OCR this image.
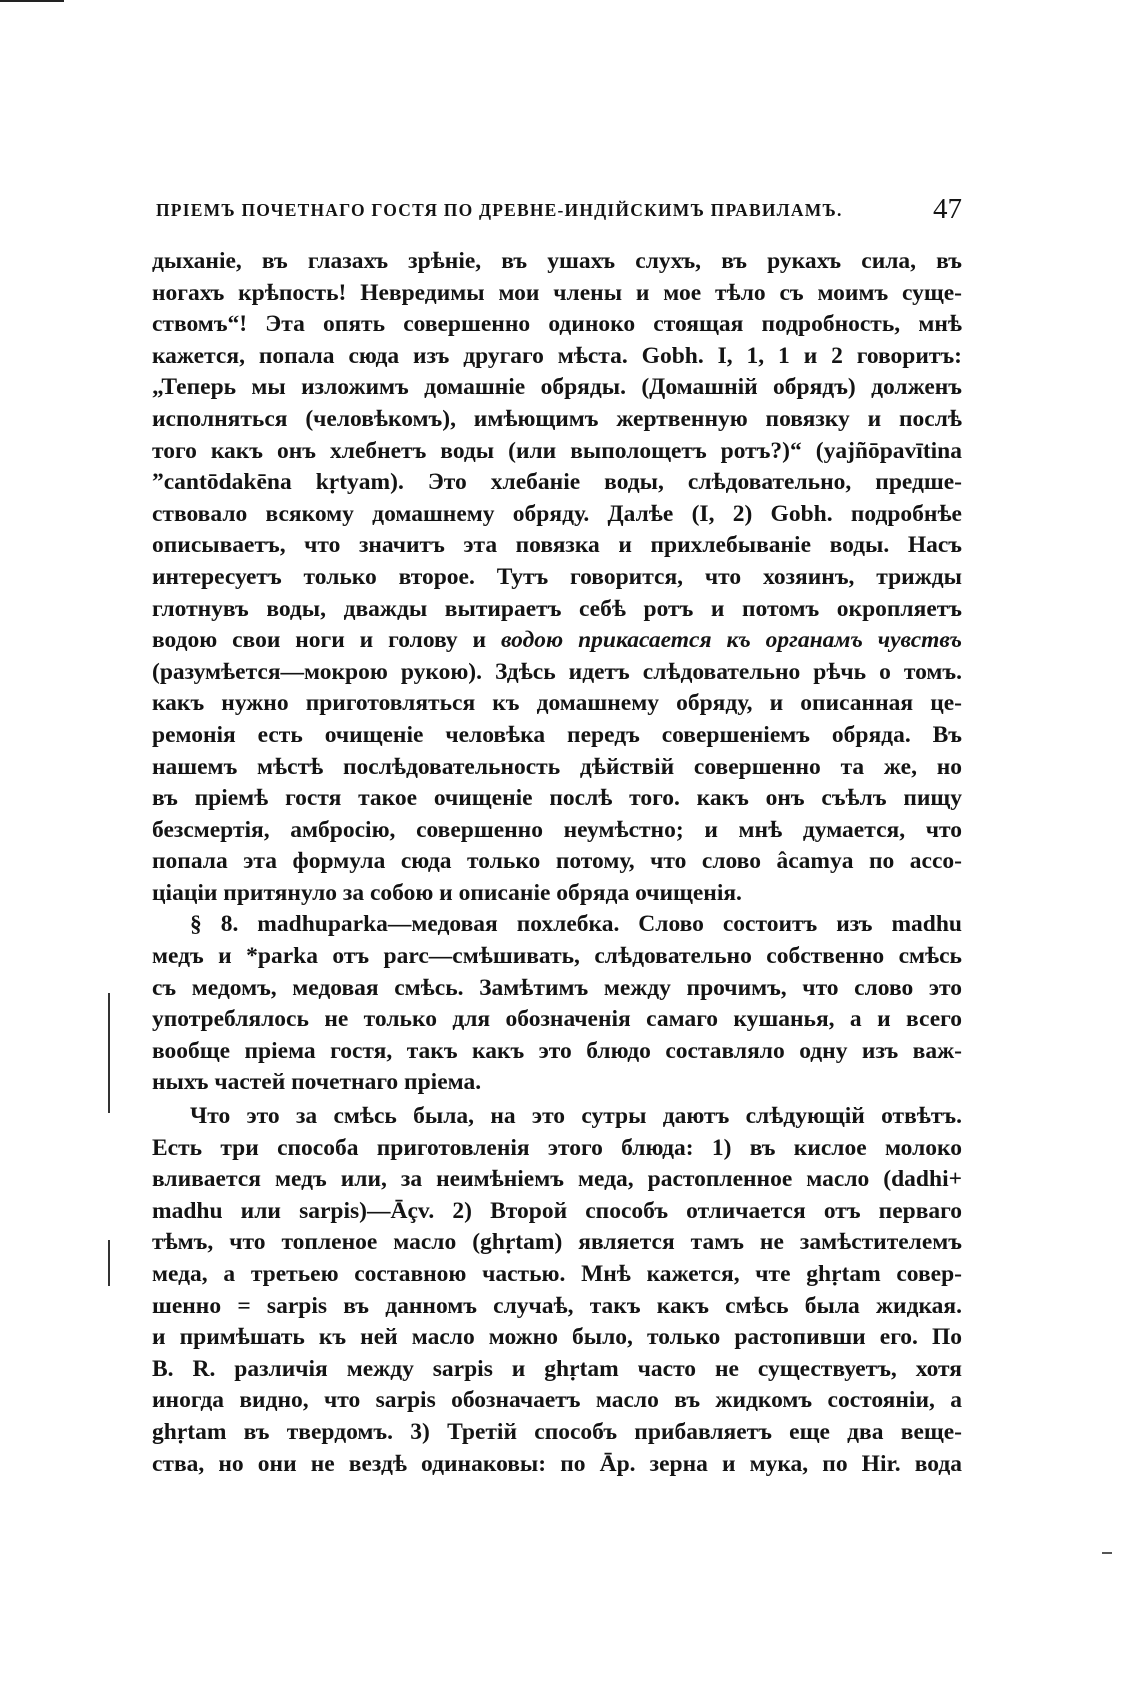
ПРІЕМЪ ПОЧЕТНАГО ГОСТЯ ПО ДРЕВНЕ-ИНДІЙСКИМЪ ПРАВИЛАМЪ.	47
дыханіе, въ глазахъ зрѣніе, въ ушахъ слухъ, въ рукахъ сила, въ
ногахъ крѣпость! Невредимы мои члены и мое тѣло съ моимъ суще-
ствомъ“! Эта опять совершенно одиноко стоящая подробность, мнѣ
кажется, попала сюда изъ другаго мѣста. Gobh. I, 1, 1 и 2 говоритъ:
„Теперь мы изложимъ домашніе обряды. (Домашній обрядъ) долженъ
исполняться (человѣкомъ), имѣющимъ жертвенную повязку и послѣ
того какъ онъ хлебнетъ воды (или выполощетъ ротъ?)“ (yajñōpavītina
”cantōdakēna kṛtyam). Это хлебаніе воды, слѣдовательно, предше-
ствовало всякому домашнему обряду. Далѣе (I, 2) Gobh. подробнѣе
описываетъ, что значитъ эта повязка и прихлебываніе воды. Насъ
интересуетъ только второе. Тутъ говорится, что хозяинъ, трижды
глотнувъ воды, дважды вытираетъ себѣ ротъ и потомъ окропляетъ
водою свои ноги и голову и водою прикасается къ органамъ чувствъ
(разумѣется—мокрою рукою). Здѣсь идетъ слѣдовательно рѣчь о томъ.
какъ нужно приготовляться къ домашнему обряду, и описанная це-
ремонія есть очищеніе человѣка передъ совершеніемъ обряда. Въ
нашемъ мѣстѣ послѣдовательность дѣйствій совершенно та же, но
въ пріемѣ гостя такое очищеніе послѣ того. какъ онъ съѣлъ пищу
безсмертія, амбросію, совершенно неумѣстно; и мнѣ думается, что
попала эта формула сюда только потому, что слово âcamya по ассо-
ціаціи притянуло за собою и описаніе обряда очищенія.
§ 8. madhuparka—медовая похлебка. Слово состоитъ изъ madhu
медъ и *parka отъ parc—смѣшивать, слѣдовательно собственно смѣсь
съ медомъ, медовая смѣсь. Замѣтимъ между прочимъ, что слово это
употреблялось не только для обозначенія самаго кушанья, а и всего
вообще пріема гостя, такъ какъ это блюдо составляло одну изъ важ-
ныхъ частей почетнаго пріема.
Что это за смѣсь была, на это сутры даютъ слѣдующій отвѣтъ.
Есть три способа приготовленія этого блюда: 1) въ кислое молоко
вливается медъ или, за неимѣніемъ меда, растопленное масло (dadhi+
madhu или sarpis)—Āçv. 2) Второй способъ отличается отъ перваго
тѣмъ, что топленое масло (ghṛtam) является тамъ не замѣстителемъ
меда, а третьею составною частью. Мнѣ кажется, чте ghṛtam совер-
шенно = sarpis въ данномъ случаѣ, такъ какъ смѣсь была жидкая.
и примѣшать къ ней масло можно было, только растопивши его. По
B. R. различія между sarpis и ghṛtam часто не существуетъ, хотя
иногда видно, что sarpis обозначаетъ масло въ жидкомъ состояніи, а
ghṛtam въ твердомъ. 3) Третій способъ прибавляетъ еще два веще-
ства, но они не вездѣ одинаковы: по Āp. зерна и мука, по Hir. вода
